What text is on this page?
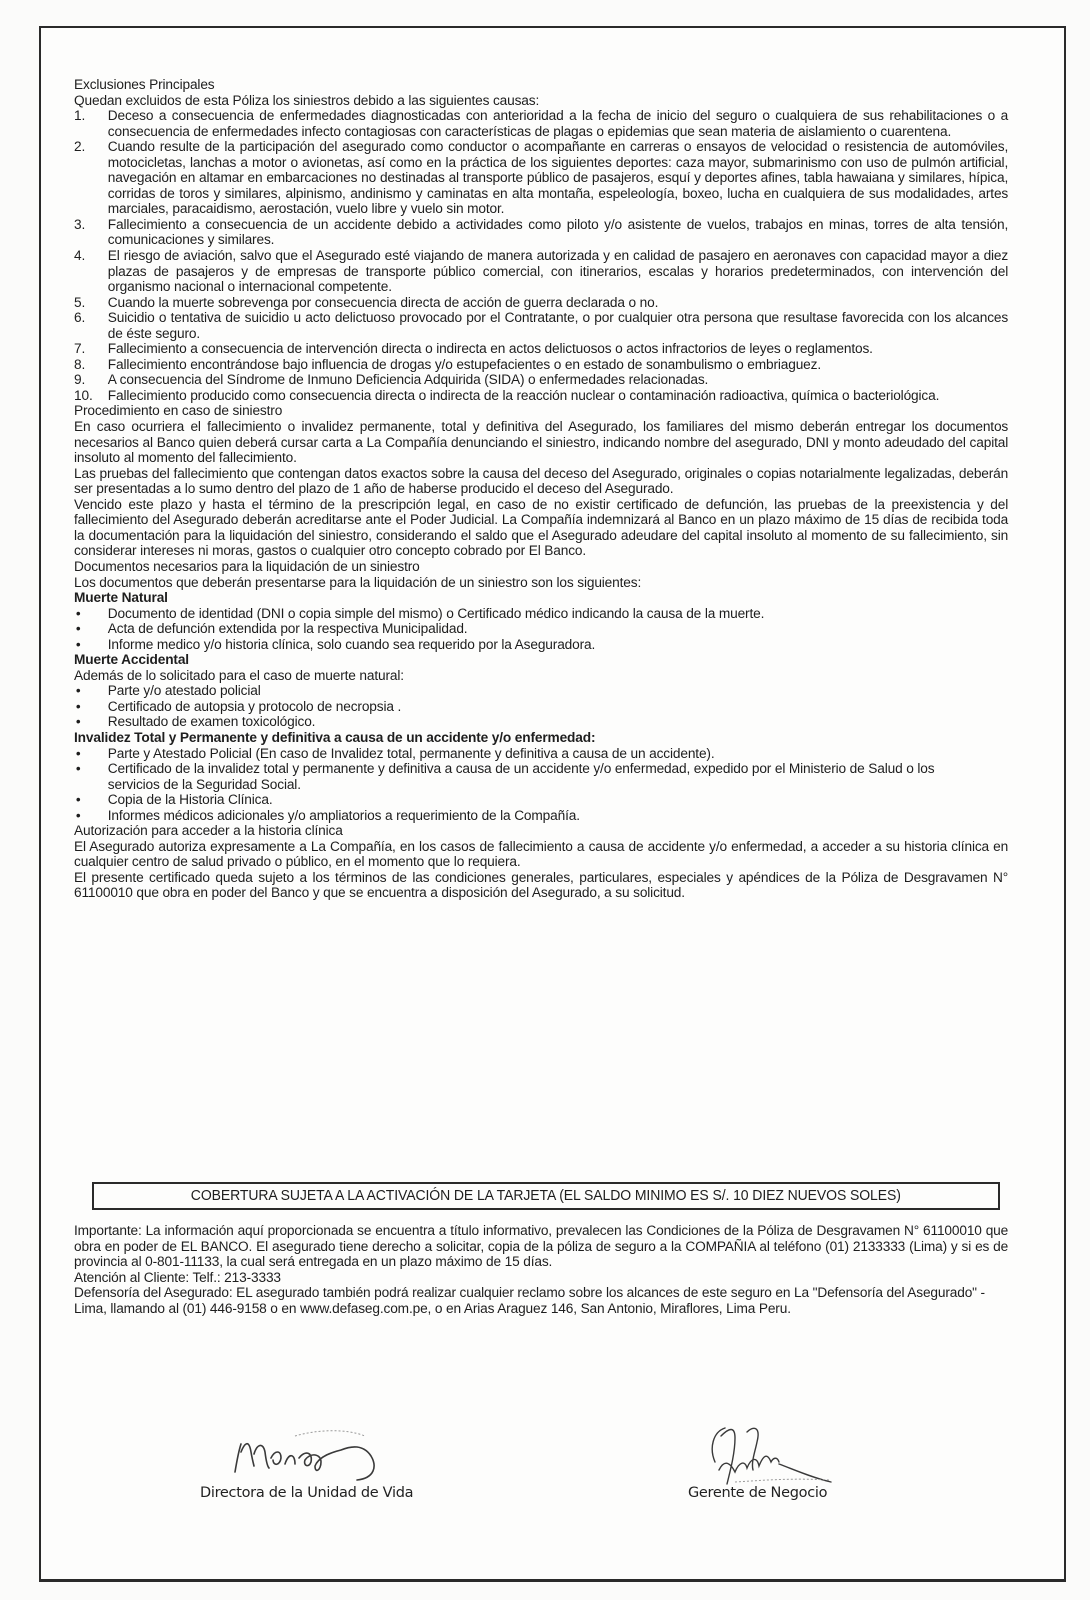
Exclusiones Principales

Quedan excluidos de esta Póliza los siniestros debido a las siguientes causas:

1. Deceso a consecuencia de enfermedades diagnosticadas con anterioridad a la fecha de inicio del seguro o cualquiera de sus rehabilitaciones o a consecuencia de enfermedades infecto contagiosas con características de plagas o epidemias que sean materia de aislamiento o cuarentena.
2. Cuando resulte de la participación del asegurado como conductor o acompañante en carreras o ensayos de velocidad o resistencia de automóviles, motocicletas, lanchas a motor o avionetas, así como en la práctica de los siguientes deportes: caza mayor, submarinismo con uso de pulmón artificial, navegación en altamar en embarcaciones no destinadas al transporte público de pasajeros, esquí y deportes afines, tabla hawaiana y similares, hípica, corridas de toros y similares, alpinismo, andinismo y caminatas en alta montaña, espeleología, boxeo, lucha en cualquiera de sus modalidades, artes marciales, paracaidismo, aerostación, vuelo libre y vuelo sin motor.
3. Fallecimiento a consecuencia de un accidente debido a actividades como piloto y/o asistente de vuelos, trabajos en minas, torres de alta tensión, comunicaciones y similares.
4. El riesgo de aviación, salvo que el Asegurado esté viajando de manera autorizada y en calidad de pasajero en aeronaves con capacidad mayor a diez plazas de pasajeros y de empresas de transporte público comercial, con itinerarios, escalas y horarios predeterminados, con intervención del organismo nacional o internacional competente.
5. Cuando la muerte sobrevenga por consecuencia directa de acción de guerra declarada o no.
6. Suicidio o tentativa de suicidio u acto delictuoso provocado por el Contratante, o por cualquier otra persona que resultase favorecida con los alcances de éste seguro.
7. Fallecimiento a consecuencia de intervención directa o indirecta en actos delictuosos o actos infractorios de leyes o reglamentos.
8. Fallecimiento encontrándose bajo influencia de drogas y/o estupefacientes o en estado de sonambulismo o embriaguez.
9. A consecuencia del Síndrome de Inmuno Deficiencia Adquirida (SIDA) o enfermedades relacionadas.
10. Fallecimiento producido como consecuencia directa o indirecta de la reacción nuclear o contaminación radioactiva, química o bacteriológica.

Procedimiento en caso de siniestro

En caso ocurriera el fallecimiento o invalidez permanente, total y definitiva del Asegurado, los familiares del mismo deberán entregar los documentos necesarios al Banco quien deberá cursar carta a La Compañía denunciando el siniestro, indicando nombre del asegurado, DNI y monto adeudado del capital insoluto al momento del fallecimiento.

Las pruebas del fallecimiento que contengan datos exactos sobre la causa del deceso del Asegurado, originales o copias notarialmente legalizadas, deberán ser presentadas a lo sumo dentro del plazo de 1 año de haberse producido el deceso del Asegurado.

Vencido este plazo y hasta el término de la prescripción legal, en caso de no existir certificado de defunción, las pruebas de la preexistencia y del fallecimiento del Asegurado deberán acreditarse ante el Poder Judicial. La Compañía indemnizará al Banco en un plazo máximo de 15 días de recibida toda la documentación para la liquidación del siniestro, considerando el saldo que el Asegurado adeudare del capital insoluto al momento de su fallecimiento, sin considerar intereses ni moras, gastos o cualquier otro concepto cobrado por El Banco.

Documentos necesarios para la liquidación de un siniestro

Los documentos que deberán presentarse para la liquidación de un siniestro son los siguientes:

Muerte Natural

• Documento de identidad (DNI o copia simple del mismo) o Certificado médico indicando la causa de la muerte.
• Acta de defunción extendida por la respectiva Municipalidad.
• Informe medico y/o historia clínica, solo cuando sea requerido por la Aseguradora.

Muerte Accidental

Además de lo solicitado para el caso de muerte natural:

• Parte y/o atestado policial
• Certificado de autopsia y protocolo de necropsia .
• Resultado de examen toxicológico.

Invalidez Total y Permanente y definitiva a causa de un accidente y/o enfermedad:

• Parte y Atestado Policial (En caso de Invalidez total, permanente y definitiva a causa de un accidente).
• Certificado de la invalidez total y permanente y definitiva a causa de un accidente y/o enfermedad, expedido por el Ministerio de Salud o los servicios de la Seguridad Social.
• Copia de la Historia Clínica.
• Informes médicos adicionales y/o ampliatorios a requerimiento de la Compañía.

Autorización para acceder a la historia clínica

El Asegurado autoriza expresamente a La Compañía, en los casos de fallecimiento a causa de accidente y/o enfermedad, a acceder a su historia clínica en cualquier centro de salud privado o público, en el momento que lo requiera.

El presente certificado queda sujeto a los términos de las condiciones generales, particulares, especiales y apéndices de la Póliza de Desgravamen N° 61100010 que obra en poder del Banco y que se encuentra a disposición del Asegurado, a su solicitud.

COBERTURA SUJETA A LA ACTIVACIÓN DE LA TARJETA (EL SALDO MINIMO ES S/. 10 DIEZ NUEVOS SOLES)

Importante: La información aquí proporcionada se encuentra a título informativo, prevalecen las Condiciones de la Póliza de Desgravamen N° 61100010 que obra en poder de EL BANCO. El asegurado tiene derecho a solicitar, copia de la póliza de seguro a la COMPAÑIA al teléfono (01) 2133333 (Lima) y si es de provincia al 0-801-11133, la cual será entregada en un plazo máximo de 15 días.

Atención al Cliente: Telf.: 213-3333

Defensoría del Asegurado: EL asegurado también podrá realizar cualquier reclamo sobre los alcances de este seguro en La "Defensoría del Asegurado" - Lima, llamando al (01) 446-9158 o en www.defaseg.com.pe, o en Arias Araguez 146, San Antonio, Miraflores, Lima Peru.

Directora de la Unidad de Vida	Gerente de Negocio
